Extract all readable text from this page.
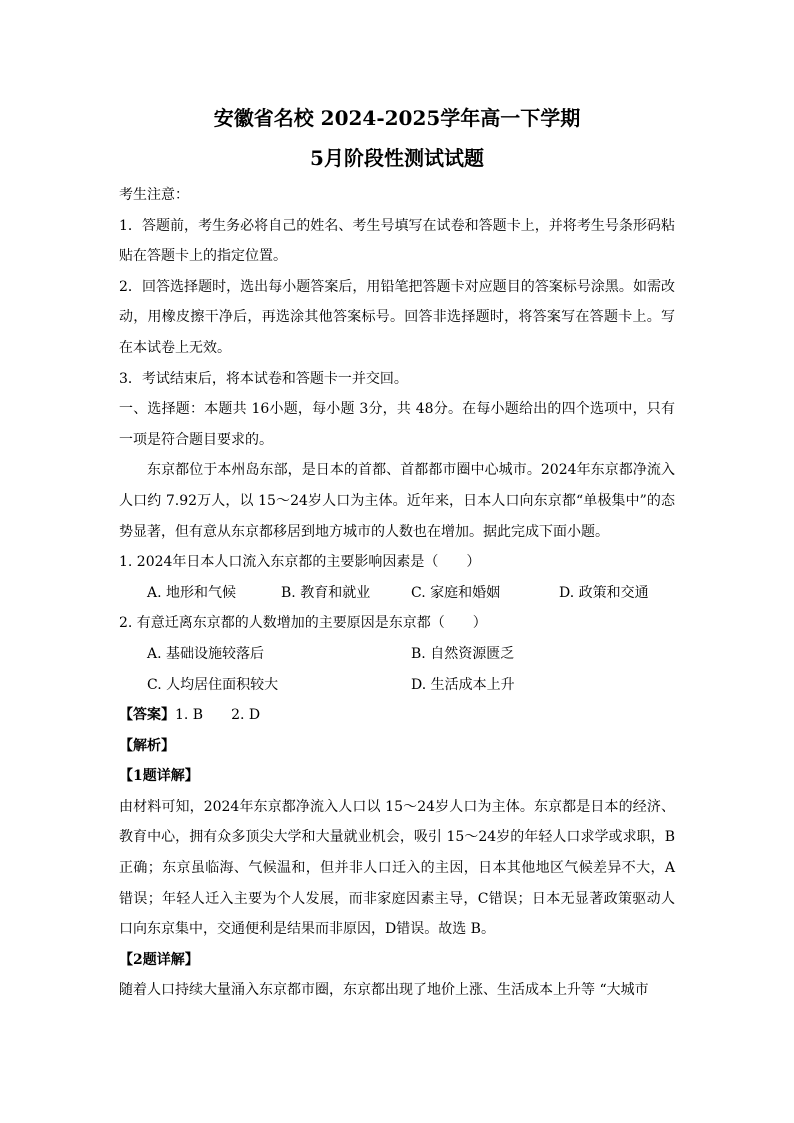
安徽省名校 2024-2025学年高一下学期
5月阶段性测试试题

考生注意：

1．答题前，考生务必将自己的姓名、考生号填写在试卷和答题卡上，并将考生号条形码粘贴在答题卡上的指定位置。

2．回答选择题时，选出每小题答案后，用铅笔把答题卡对应题目的答案标号涂黑。如需改动，用橡皮擦干净后，再选涂其他答案标号。回答非选择题时，将答案写在答题卡上。写在本试卷上无效。

3．考试结束后，将本试卷和答题卡一并交回。

一、选择题：本题共 16小题，每小题 3分，共 48分。在每小题给出的四个选项中，只有一项是符合题目要求的。

东京都位于本州岛东部，是日本的首都、首都都市圈中心城市。2024年东京都净流入人口约 7.92万人，以 15～24岁人口为主体。近年来，日本人口向东京都“单极集中”的态势显著，但有意从东京都移居到地方城市的人数也在增加。据此完成下面小题。

1. 2024年日本人口流入东京都的主要影响因素是（　　）

A. 地形和气候	B. 教育和就业	C. 家庭和婚姻	D. 政策和交通

2. 有意迁离东京都的人数增加的主要原因是东京都（　　）

A. 基础设施较落后	B. 自然资源匮乏
C. 人均居住面积较大	D. 生活成本上升

【答案】1. B　　2. D

【解析】

【1题详解】

由材料可知，2024年东京都净流入人口以 15～24岁人口为主体。东京都是日本的经济、教育中心，拥有众多顶尖大学和大量就业机会，吸引 15～24岁的年轻人口求学或求职，B正确；东京虽临海、气候温和，但并非人口迁入的主因，日本其他地区气候差异不大，A错误；年轻人迁入主要为个人发展，而非家庭因素主导，C错误；日本无显著政策驱动人口向东京集中，交通便利是结果而非原因，D错误。故选 B。

【2题详解】

随着人口持续大量涌入东京都市圈，东京都出现了地价上涨、生活成本上升等 “大城市
